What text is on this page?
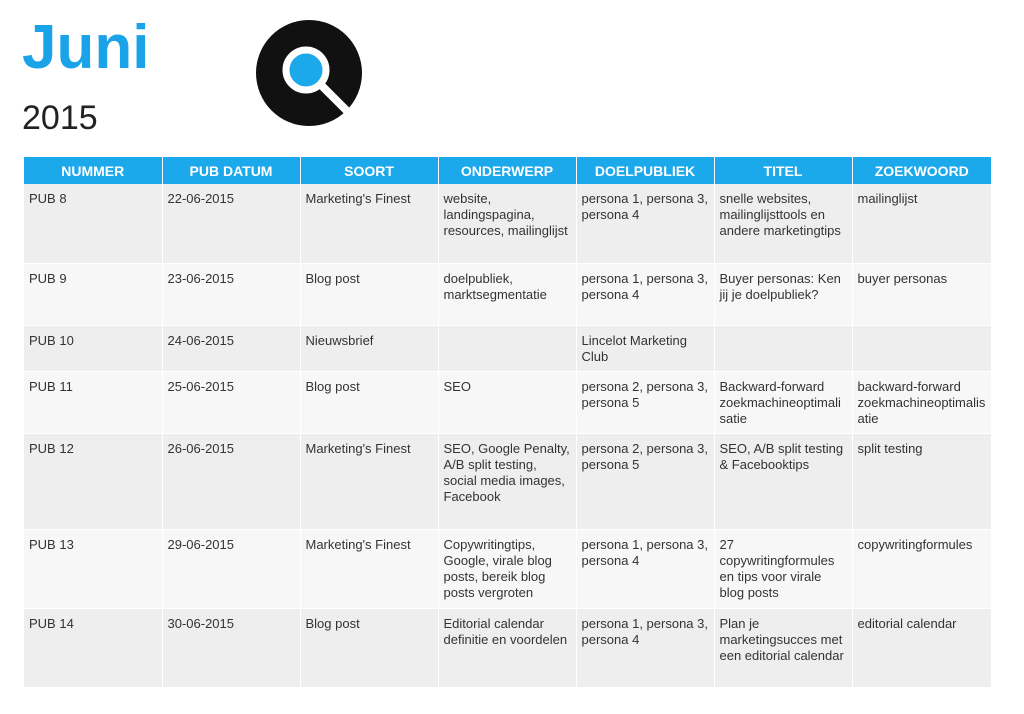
Juni
2015
NUMMER	PUB DATUM	SOORT	ONDERWERP	DOELPUBLIEK	TITEL	ZOEKWOORD
PUB 8	22-06-2015	Marketing's Finest	website, landingspagina, resources, mailinglijst	persona 1, persona 3, persona 4	snelle websites, mailinglijsttools en andere marketingtips	mailinglijst
PUB 9	23-06-2015	Blog post	doelpubliek, marktsegmentatie	persona 1, persona 3, persona 4	Buyer personas: Ken jij je doelpubliek?	buyer personas
PUB 10	24-06-2015	Nieuwsbrief		Lincelot Marketing Club		
PUB 11	25-06-2015	Blog post	SEO	persona 2, persona 3, persona 5	Backward-forward zoekmachineoptimalisatie	backward-forward zoekmachineoptimalisatie
PUB 12	26-06-2015	Marketing's Finest	SEO, Google Penalty, A/B split testing, social media images, Facebook	persona 2, persona 3, persona 5	SEO, A/B split testing & Facebooktips	split testing
PUB 13	29-06-2015	Marketing's Finest	Copywritingtips, Google, virale blog posts, bereik blog posts vergroten	persona 1, persona 3, persona 4	27 copywritingformules en tips voor virale blog posts	copywritingformules
PUB 14	30-06-2015	Blog post	Editorial calendar definitie en voordelen	persona 1, persona 3, persona 4	Plan je marketingsucces met een editorial calendar	editorial calendar
